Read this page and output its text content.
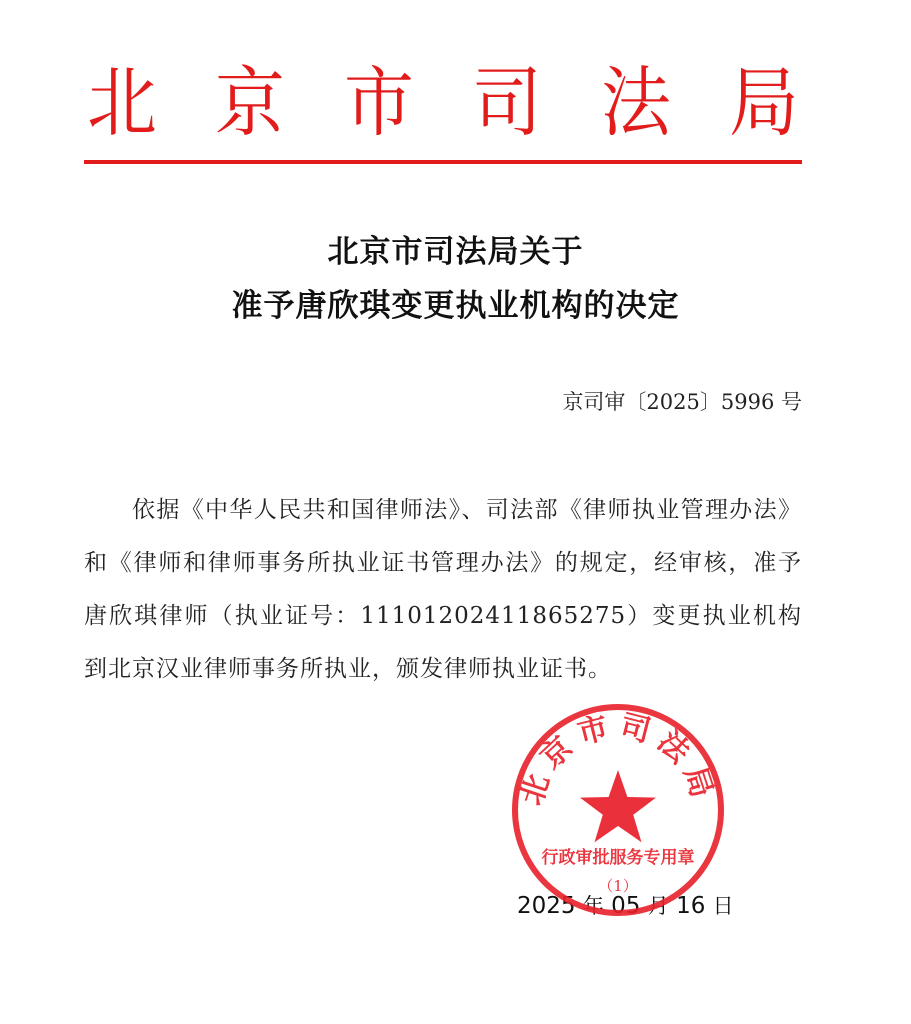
北 京 市 司 法 局
北京市司法局关于
准予唐欣琪变更执业机构的决定
京司审〔2025〕5996 号
依据《中华人民共和国律师法》、司法部《律师执业管理办法》和《律师和律师事务所执业证书管理办法》的规定，经审核，准予唐欣琪律师（执业证号：11101202411865275）变更执业机构到北京汉业律师事务所执业，颁发律师执业证书。
2025 年 05 月 16 日
北京市司法局
行政审批服务专用章
（1）
